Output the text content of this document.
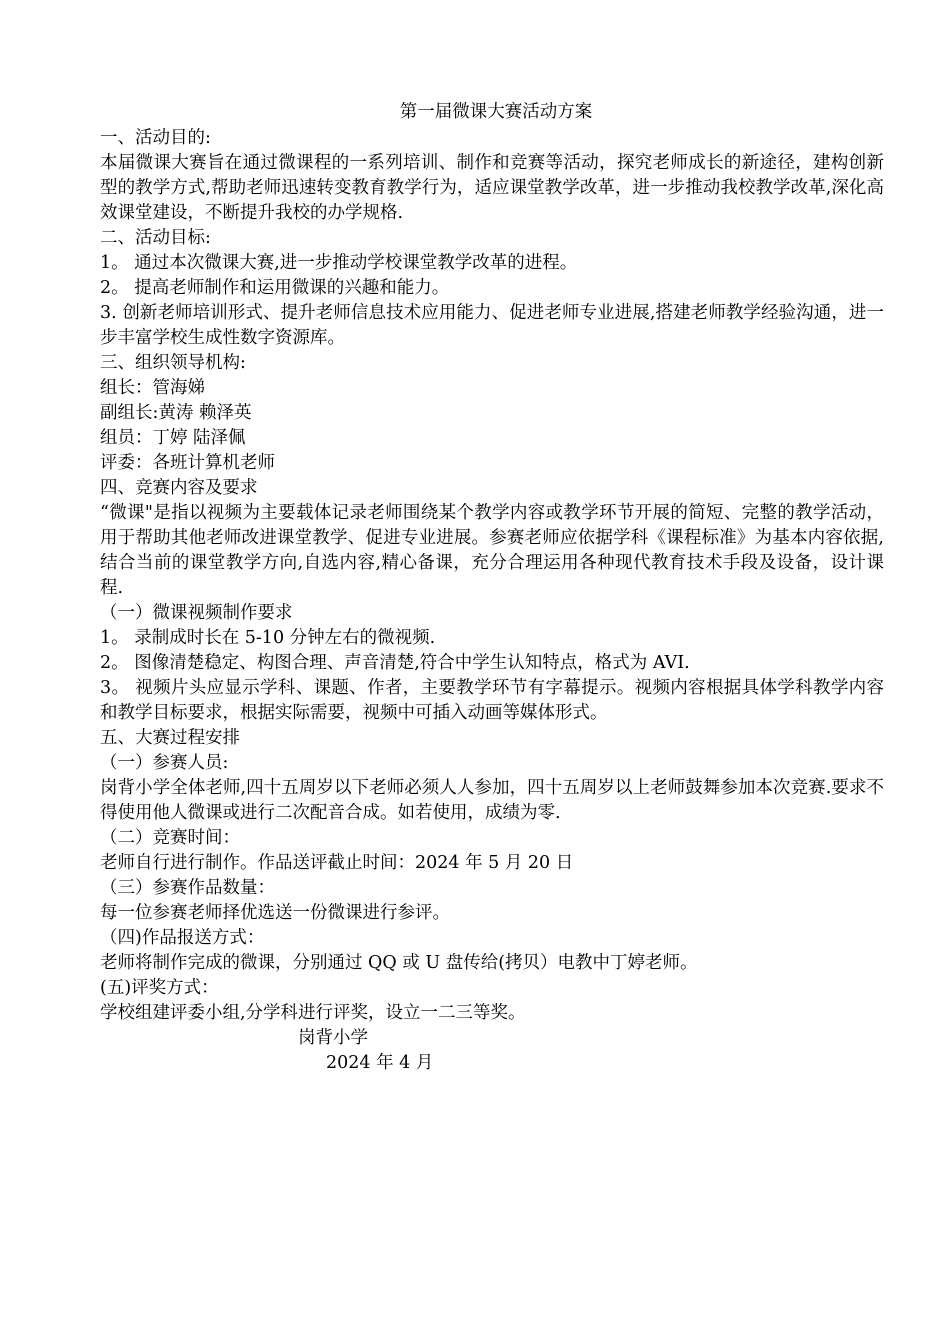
第一届微课大赛活动方案

一、活动目的:

本届微课大赛旨在通过微课程的一系列培训、制作和竞赛等活动，探究老师成长的新途径，建构创新型的教学方式,帮助老师迅速转变教育教学行为，适应课堂教学改革，进一步推动我校教学改革,深化高效课堂建设，不断提升我校的办学规格.

二、活动目标:

1。 通过本次微课大赛,进一步推动学校课堂教学改革的进程。

2。 提高老师制作和运用微课的兴趣和能力。

3. 创新老师培训形式、提升老师信息技术应用能力、促进老师专业进展,搭建老师教学经验沟通，进一步丰富学校生成性数字资源库。

三、组织领导机构:

组长：管海娣

副组长:黄涛 赖泽英

组员：丁婷 陆泽佩

评委：各班计算机老师

四、竞赛内容及要求

“微课"是指以视频为主要载体记录老师围绕某个教学内容或教学环节开展的简短、完整的教学活动，用于帮助其他老师改进课堂教学、促进专业进展。参赛老师应依据学科《课程标准》为基本内容依据,结合当前的课堂教学方向,自选内容,精心备课，充分合理运用各种现代教育技术手段及设备，设计课程.

（一）微课视频制作要求

1。 录制成时长在 5-10 分钟左右的微视频.

2。 图像清楚稳定、构图合理、声音清楚,符合中学生认知特点，格式为 AVI.

3。 视频片头应显示学科、课题、作者，主要教学环节有字幕提示。视频内容根据具体学科教学内容和教学目标要求，根据实际需要，视频中可插入动画等媒体形式。

五、大赛过程安排

（一）参赛人员:

岗背小学全体老师,四十五周岁以下老师必须人人参加，四十五周岁以上老师鼓舞参加本次竞赛.要求不得使用他人微课或进行二次配音合成。如若使用，成绩为零.

（二）竞赛时间：

老师自行进行制作。作品送评截止时间：2024 年 5 月 20 日

（三）参赛作品数量：

每一位参赛老师择优选送一份微课进行参评。

（四)作品报送方式：

老师将制作完成的微课，分别通过 QQ 或 U 盘传给(拷贝）电教中丁婷老师。

(五)评奖方式：

学校组建评委小组,分学科进行评奖，设立一二三等奖。

岗背小学

2024 年 4 月
